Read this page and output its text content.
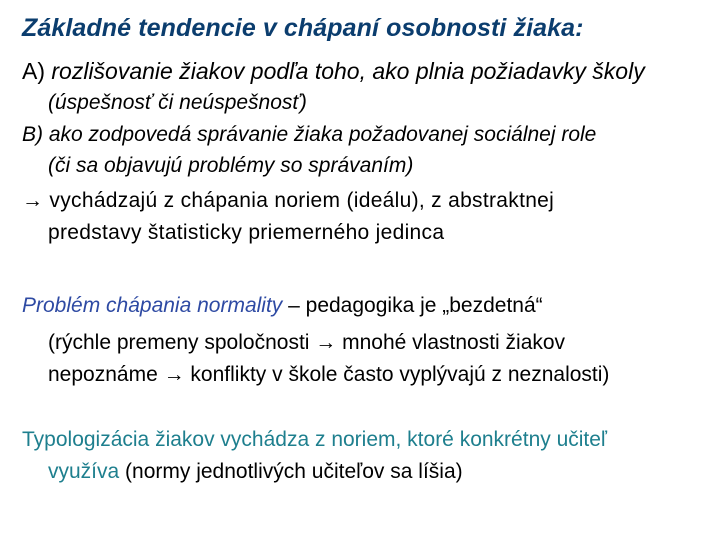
Základné tendencie v chápaní osobnosti žiaka:
A) rozlišovanie žiakov podľa toho, ako plnia požiadavky školy
(úspešnosť či neúspešnosť)
B) ako zodpovedá správanie žiaka požadovanej sociálnej role
(či sa objavujú problémy so správaním)
→ vychádzajú z chápania noriem (ideálu), z abstraktnej
predstavy štatisticky priemerného jedinca
Problém chápania normality – pedagogika je „bezdetná“
(rýchle premeny spoločnosti → mnohé vlastnosti žiakov
nepoznáme → konflikty v škole často vyplývajú z neznalosti)
Typologizácia žiakov vychádza z noriem, ktoré konkrétny učiteľ
využíva (normy jednotlivých učiteľov sa líšia)
